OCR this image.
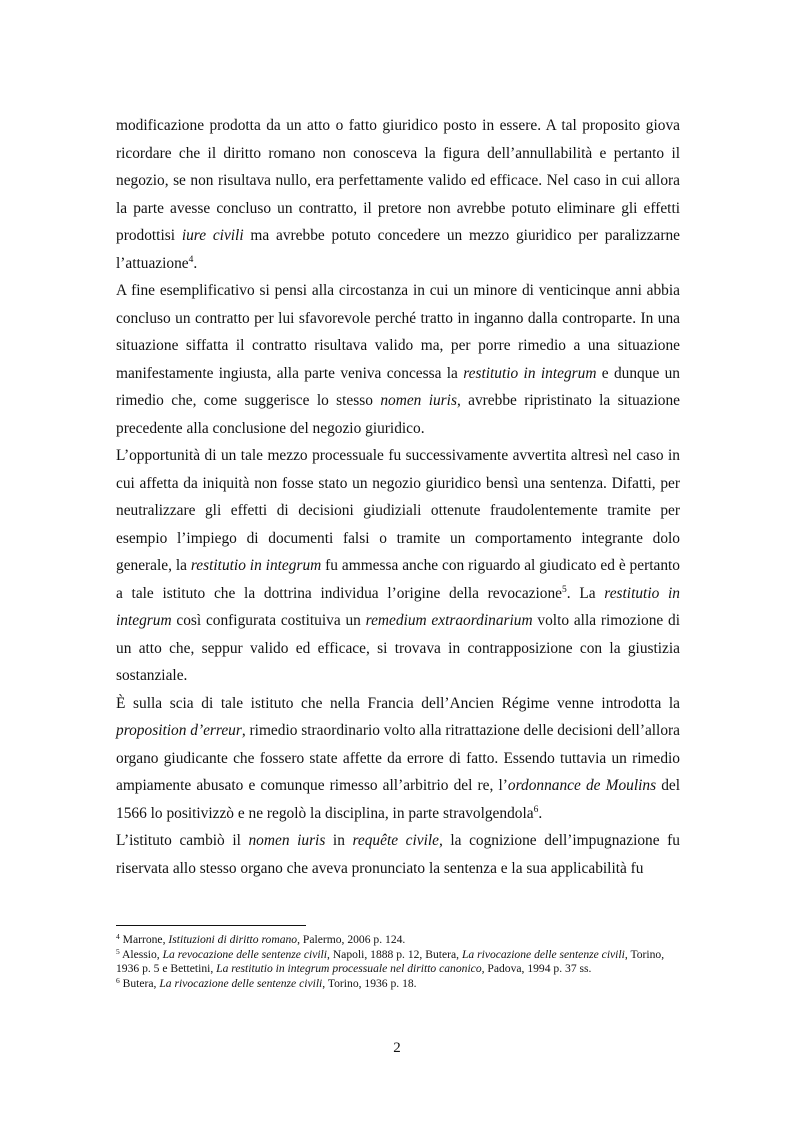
modificazione prodotta da un atto o fatto giuridico posto in essere. A tal proposito giova ricordare che il diritto romano non conosceva la figura dell’annullabilità e pertanto il negozio, se non risultava nullo, era perfettamente valido ed efficace. Nel caso in cui allora la parte avesse concluso un contratto, il pretore non avrebbe potuto eliminare gli effetti prodottisi iure civili ma avrebbe potuto concedere un mezzo giuridico per paralizzarne l’attuazione$^4$.

A fine esemplificativo si pensi alla circostanza in cui un minore di venticinque anni abbia concluso un contratto per lui sfavorevole perché tratto in inganno dalla controparte. In una situazione siffatta il contratto risultava valido ma, per porre rimedio a una situazione manifestamente ingiusta, alla parte veniva concessa la restitutio in integrum e dunque un rimedio che, come suggerisce lo stesso nomen iuris, avrebbe ripristinato la situazione precedente alla conclusione del negozio giuridico.

L’opportunità di un tale mezzo processuale fu successivamente avvertita altresì nel caso in cui affetta da iniquità non fosse stato un negozio giuridico bensì una sentenza. Difatti, per neutralizzare gli effetti di decisioni giudiziali ottenute fraudolentemente tramite per esempio l’impiego di documenti falsi o tramite un comportamento integrante dolo generale, la restitutio in integrum fu ammessa anche con riguardo al giudicato ed è pertanto a tale istituto che la dottrina individua l’origine della revocazione$^5$. La restitutio in integrum così configurata costituiva un remedium extraordinarium volto alla rimozione di un atto che, seppur valido ed efficace, si trovava in contrapposizione con la giustizia sostanziale.

È sulla scia di tale istituto che nella Francia dell’Ancien Régime venne introdotta la proposition d’erreur, rimedio straordinario volto alla ritrattazione delle decisioni dell’allora organo giudicante che fossero state affette da errore di fatto. Essendo tuttavia un rimedio ampiamente abusato e comunque rimesso all’arbitrio del re, l’ordonnance de Moulins del 1566 lo positivizzò e ne regolò la disciplina, in parte stravolgendola$^6$.

L’istituto cambiò il nomen iuris in requête civile, la cognizione dell’impugnazione fu riservata allo stesso organo che aveva pronunciato la sentenza e la sua applicabilità fu

$^4$ Marrone, Istituzioni di diritto romano, Palermo, 2006 p. 124.

$^5$ Alessio, La revocazione delle sentenze civili, Napoli, 1888 p. 12, Butera, La rivocazione delle sentenze civili, Torino, 1936 p. 5 e Bettetini, La restitutio in integrum processuale nel diritto canonico, Padova, 1994 p. 37 ss.

$^6$ Butera, La rivocazione delle sentenze civili, Torino, 1936 p. 18.

2
